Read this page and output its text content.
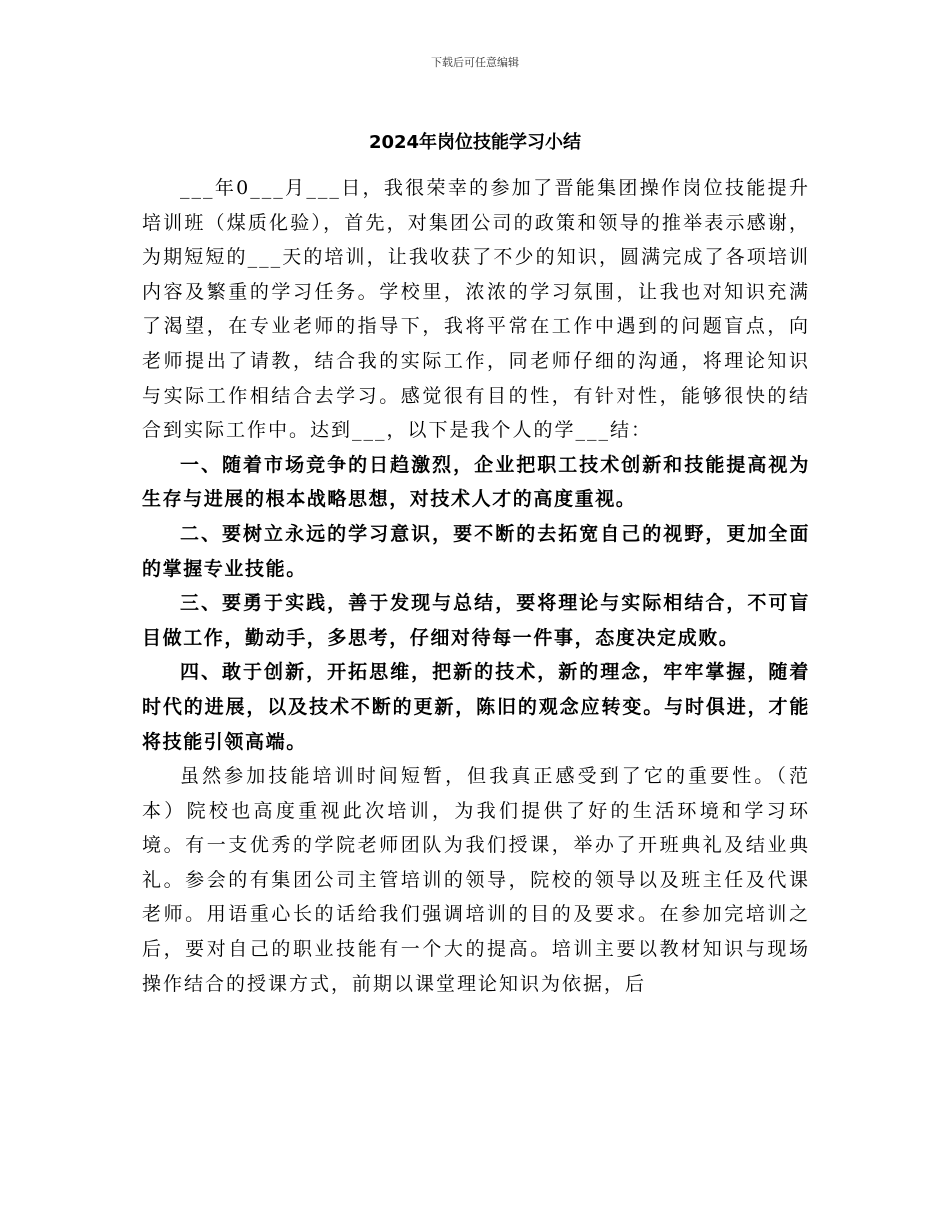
下载后可任意编辑
2024年岗位技能学习小结

___年0___月___日，我很荣幸的参加了晋能集团操作岗位技能提升培训班（煤质化验），首先，对集团公司的政策和领导的推举表示感谢，为期短短的___天的培训，让我收获了不少的知识，圆满完成了各项培训内容及繁重的学习任务。学校里，浓浓的学习氛围，让我也对知识充满了渴望，在专业老师的指导下，我将平常在工作中遇到的问题盲点，向老师提出了请教，结合我的实际工作，同老师仔细的沟通，将理论知识与实际工作相结合去学习。感觉很有目的性，有针对性，能够很快的结合到实际工作中。达到___，以下是我个人的学___结：

一、随着市场竞争的日趋激烈，企业把职工技术创新和技能提高视为生存与进展的根本战略思想，对技术人才的高度重视。

二、要树立永远的学习意识，要不断的去拓宽自己的视野，更加全面的掌握专业技能。

三、要勇于实践，善于发现与总结，要将理论与实际相结合，不可盲目做工作，勤动手，多思考，仔细对待每一件事，态度决定成败。

四、敢于创新，开拓思维，把新的技术，新的理念，牢牢掌握，随着时代的进展，以及技术不断的更新，陈旧的观念应转变。与时俱进，才能将技能引领高端。

虽然参加技能培训时间短暂，但我真正感受到了它的重要性。（范本）院校也高度重视此次培训，为我们提供了好的生活环境和学习环境。有一支优秀的学院老师团队为我们授课，举办了开班典礼及结业典礼。参会的有集团公司主管培训的领导，院校的领导以及班主任及代课老师。用语重心长的话给我们强调培训的目的及要求。在参加完培训之后，要对自己的职业技能有一个大的提高。培训主要以教材知识与现场操作结合的授课方式，前期以课堂理论知识为依据，后
